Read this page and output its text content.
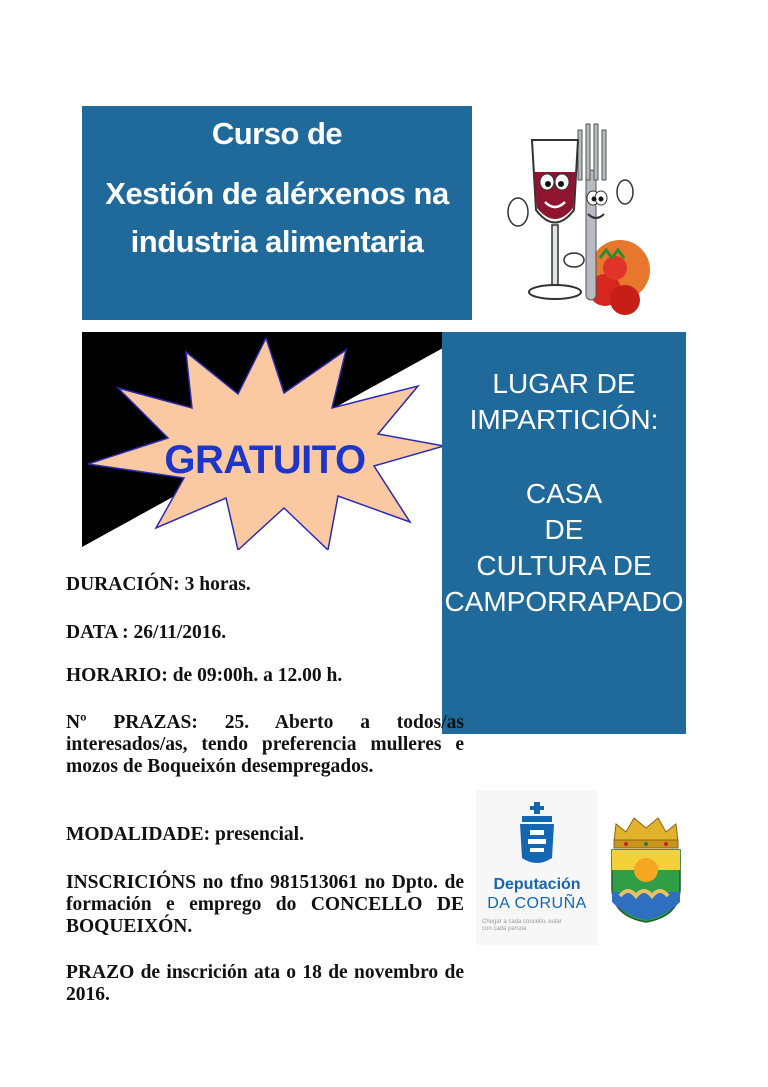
Curso de
Xestión de alérxenos na
industria alimentaria
GRATUITO
LUGAR DE
IMPARTICIÓN:
CASA
DE
CULTURA DE
CAMPORRAPADO
DURACIÓN: 3 horas.
DATA : 26/11/2016.
HORARIO: de 09:00h. a 12.00 h.
Nº PRAZAS: 25. Aberto a todos/as interesados/as, tendo preferencia mulleres e mozos de Boqueixón desempregados.
MODALIDADE: presencial.
INSCRICIÓNS no tfno 981513061 no Dpto. de formación e emprego do CONCELLO DE BOQUEIXÓN.
PRAZO de inscrición ata o 18 de novembro de 2016.
Deputación
DA CORUÑA
Chegar a cada concello, estar con cada persoa
